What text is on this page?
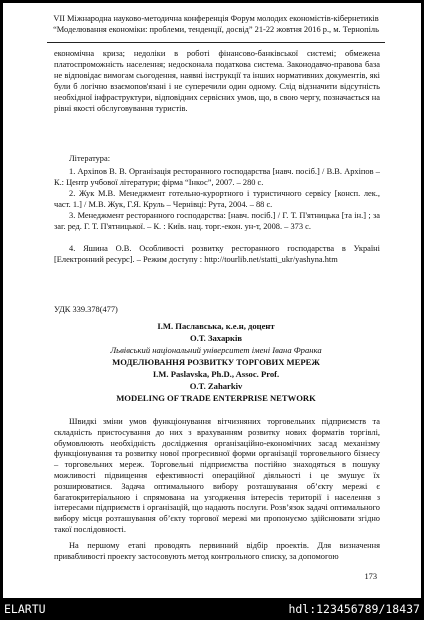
VII Міжнародна науково-методична конференція Форум молодих економістів-кібернетиків
“Моделювання економіки: проблеми, тенденції, досвід” 21-22 жовтня 2016 р., м. Тернопіль
економічна криза; недоліки в роботі фінансово-банківської системі; обмежена платоспроможність населення; недосконала податкова система. Законодавчо-правова база не відповідає вимогам сьогодення, наявні інструкції та інших нормативних документів, які були б логічно взаємопов'язані і не суперечили один одному. Слід відзначити відсутність необхідної інфраструктури, відповідних сервісних умов, що, в свою чергу, позначається на рівні якості обслуговування туристів.
Література:
1. Архіпов В. В. Організація ресторанного господарства [навч. посіб.] / В.В. Архіпов – К.: Центр учбової літератури; фірма “Інкос”, 2007. – 280 с.
2. Жук М.В. Менеджмент готельно-курортного і туристичного сервісу [консп. лек., част. 1.] / М.В. Жук, Г.Я. Круль – Чернівці: Рута, 2004. – 88 с.
3. Менеджмент ресторанного господарства: [навч. посіб.] / Г. Т. П'ятницька [та ін.] ; за заг. ред. Г. Т. П'ятницької. – К. : Київ. нац. торг.-екон. ун-т, 2008. – 373 с.
4. Яшина О.В. Особливості розвитку ресторанного господарства в Україні [Електронний ресурс]. – Режим доступу : http://tourlib.net/statti_ukr/yashyna.htm
УДК 339.378(477)
І.М. Паславська, к.е.н, доцент
О.Т. Захарків
Львівський національний університет імені Івана Франка
МОДЕЛЮВАННЯ РОЗВИТКУ ТОРГОВИХ МЕРЕЖ
I.M. Paslavska, Ph.D., Assoc. Prof.
O.T. Zaharkiv
MODELING OF TRADE ENTERPRISE NETWORK
Швидкі зміни умов функціонування вітчизняних торговельних підприємств та складність пристосування до них з врахуванням розвитку нових форматів торгівлі, обумовлюють необхідність дослідження організаційно-економічних засад механізму функціонування та розвитку нової прогресивної форми організації торговельного бізнесу – торговельних мереж. Торговельні підприємства постійно знаходяться в пошуку можливості підвищення ефективності операційної діяльності і це змушує їх розширюватися. Задача оптимального вибору розташування об’єкту мережі є багатокритеріальною і спрямована на узгодження інтересів території і населення з інтересами підприємств і організацій, що надають послуги. Розв’язок задачі оптимального вибору місця розташування об’єкту торгової мережі ми пропонуємо здійснювати згідно такої послідовності.
На першому етапі проводять первинний відбір проектів. Для визначення привабливості проекту застосовують метод контрольного списку, за допомогою
173
ELARTU	hdl:123456789/18437
